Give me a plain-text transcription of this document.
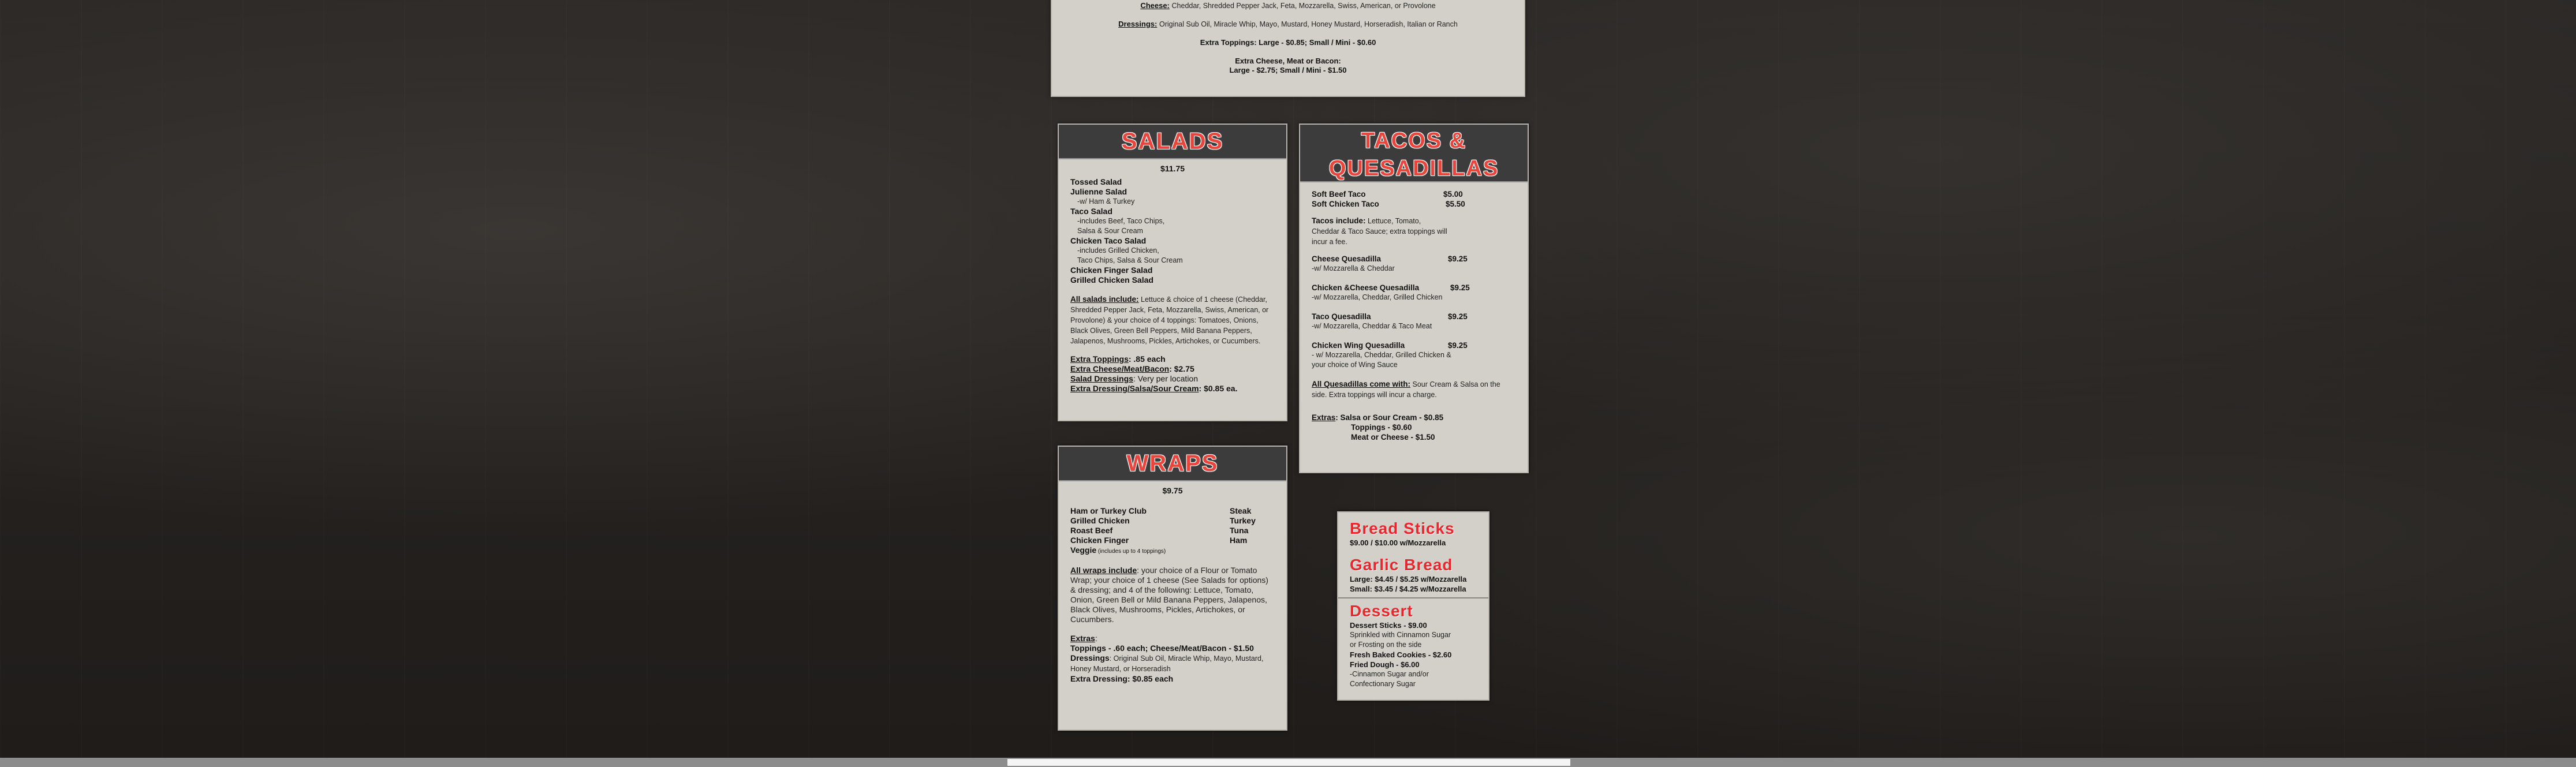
Cheese: Cheddar, Shredded Pepper Jack, Feta, Mozzarella, Swiss, American, or Provolone
Dressings: Original Sub Oil, Miracle Whip, Mayo, Mustard, Honey Mustard, Horseradish, Italian or Ranch
Extra Toppings: Large - $0.85; Small / Mini - $0.60
Extra Cheese, Meat or Bacon:
Large - $2.75; Small / Mini - $1.50
SALADS
$11.75
Tossed Salad
Julienne Salad
-w/ Ham & Turkey
Taco Salad
-includes Beef, Taco Chips,
Salsa & Sour Cream
Chicken Taco Salad
-includes Grilled Chicken,
Taco Chips, Salsa & Sour Cream
Chicken Finger Salad
Grilled Chicken Salad
All salads include: Lettuce & choice of 1 cheese (Cheddar, Shredded Pepper Jack, Feta, Mozzarella, Swiss, American, or Provolone) & your choice of 4 toppings: Tomatoes, Onions, Black Olives, Green Bell Peppers, Mild Banana Peppers, Jalapenos, Mushrooms, Pickles, Artichokes, or Cucumbers.
Extra Toppings: .85 each
Extra Cheese/Meat/Bacon: $2.75
Salad Dressings: Very per location
Extra Dressing/Salsa/Sour Cream: $0.85 ea.
TACOS &
QUESADILLAS
Soft Beef Taco	$5.00
Soft Chicken Taco	$5.50
Tacos include: Lettuce, Tomato, Cheddar & Taco Sauce; extra toppings will incur a fee.
Cheese Quesadilla	$9.25
-w/ Mozzarella & Cheddar
Chicken &Cheese Quesadilla	$9.25
-w/ Mozzarella, Cheddar, Grilled Chicken
Taco Quesadilla	$9.25
-w/ Mozzarella, Cheddar & Taco Meat
Chicken Wing Quesadilla	$9.25
- w/ Mozzarella, Cheddar, Grilled Chicken & your choice of Wing Sauce
All Quesadillas come with: Sour Cream & Salsa on the side. Extra toppings will incur a charge.
Extras: Salsa or Sour Cream - $0.85
Toppings - $0.60
Meat or Cheese - $1.50
WRAPS
$9.75
Ham or Turkey Club
Grilled Chicken
Roast Beef
Chicken Finger
Steak
Turkey
Tuna
Ham
Veggie (includes up to 4 toppings)
All wraps include: your choice of a Flour or Tomato Wrap; your choice of 1 cheese (See Salads for options) & dressing; and 4 of the following: Lettuce, Tomato, Onion, Green Bell or Mild Banana Peppers, Jalapenos, Black Olives, Mushrooms, Pickles, Artichokes, or Cucumbers.
Extras:
Toppings - .60 each; Cheese/Meat/Bacon - $1.50
Dressings: Original Sub Oil, Miracle Whip, Mayo, Mustard, Honey Mustard, or Horseradish
Extra Dressing: $0.85 each
Bread Sticks
$9.00 / $10.00 w/Mozzarella
Garlic Bread
Large: $4.45 / $5.25 w/Mozzarella
Small: $3.45 / $4.25 w/Mozzarella
Dessert
Dessert Sticks - $9.00
Sprinkled with Cinnamon Sugar
or Frosting on the side
Fresh Baked Cookies - $2.60
Fried Dough - $6.00
-Cinnamon Sugar and/or
Confectionary Sugar
